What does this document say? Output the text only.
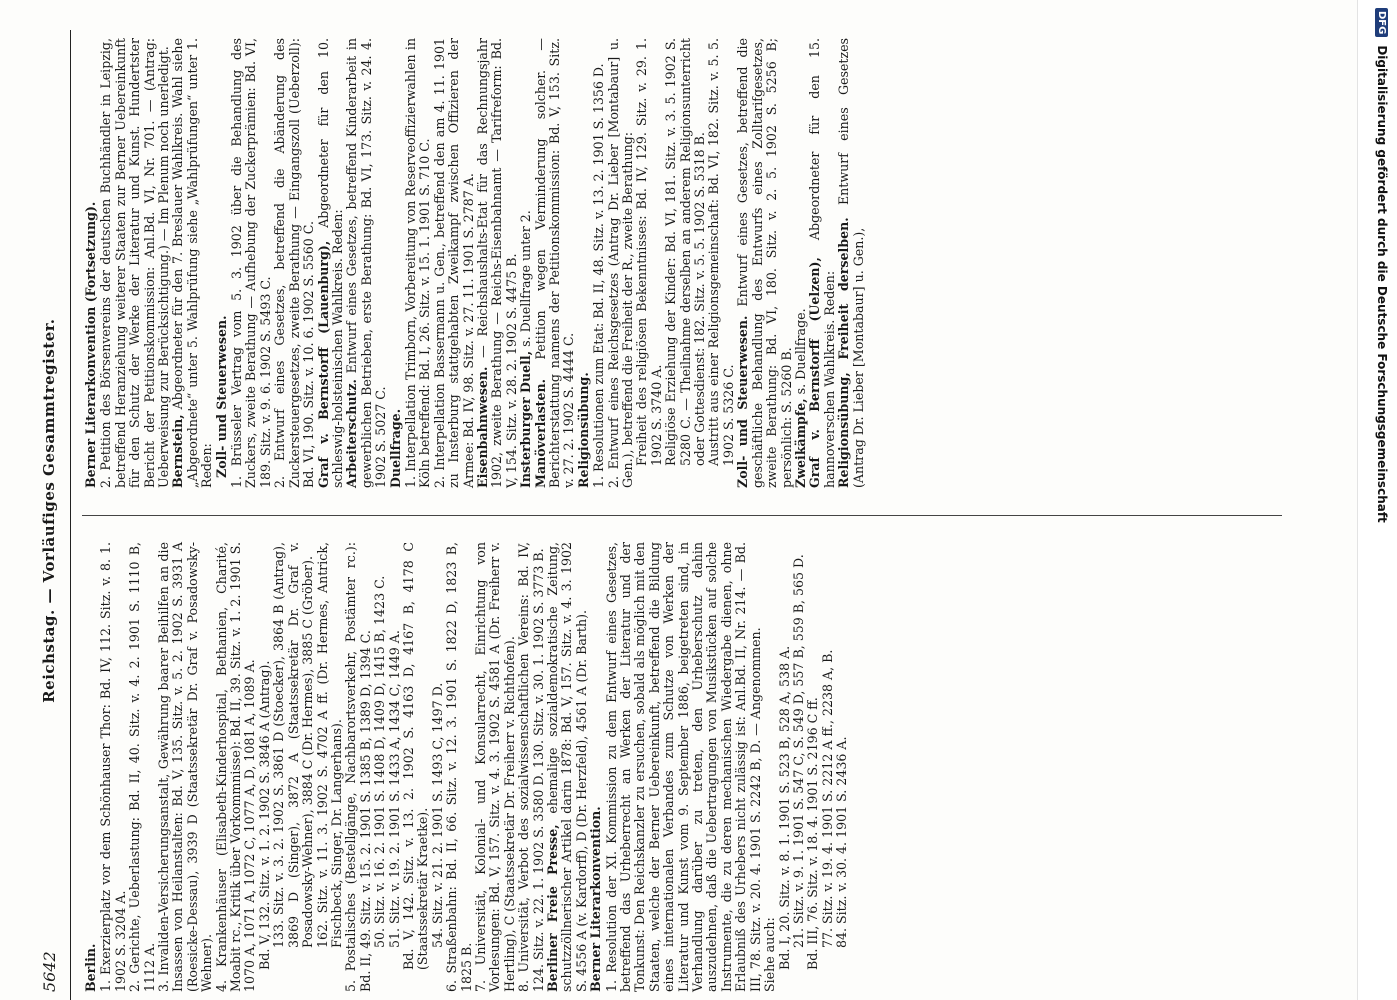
5642
Reichstag. — Vorläufiges Gesammtregister.

Berlin. 1. Exerzierplatz vor dem Schönhauser Thor: Bd. IV, 112. Sitz. v. 8. 1. 1902 S. 3204 A. 2. Gerichte, Ueberlastung: Bd. II, 40. Sitz. v. 4. 2. 1901 S. 1110 B, 1112 A. 3. Invaliden-Versicherungsanstalt, Gewährung baarer Beihilfen an die Insassen von Heilanstalten: Bd. V, 135. Sitz. v. 5. 2. 1902 S. 3931 A (Roesicke-Dessau), 3939 D (Staatssekretär Dr. Graf v. Posadowsky-Wehner). 4. Krankenhäuser (Elisabeth-Kinderhospital, Bethanien, Charité, Moabit rc., Kritik über Vorkommnisse): Bd. II, 39. Sitz. v. 1. 2. 1901 S. 1070 A, 1071 A, 1072 C, 1077 A, D, 1081 A, 1089 A. Bd. V, 132. Sitz. v. 1. 2. 1902 S. 3846 A (Antrag). 133. Sitz. v. 3. 2. 1902 S. 3861 D (Stoecker), 3864 B (Antrag), 3869 D (Singer), 3872 A (Staatssekretär Dr. Graf v. Posadowsky-Wehner), 3884 C (Dr. Hermes), 3885 C (Gröber). 162. Sitz. v. 11. 3. 1902 S. 4702 A ff. (Dr. Hermes, Antrick, Fischbeck, Singer, Dr. Langerhans). 5. Postalisches (Bestellgänge, Nachbarortsverkehr, Postämter rc.): Bd. II, 49. Sitz. v. 15. 2. 1901 S. 1385 B, 1389 D, 1394 C. 50. Sitz. v. 16. 2. 1901 S. 1408 D, 1409 D, 1415 B, 1423 C. 51. Sitz. v. 19. 2. 1901 S. 1433 A, 1434 C, 1449 A. Bd. V, 142. Sitz. v. 13. 2. 1902 S. 4163 D, 4167 B, 4178 C (Staatssekretär Kraetke). 54. Sitz. v. 21. 2. 1901 S. 1493 C, 1497 D. 6. Straßenbahn: Bd. II, 66. Sitz. v. 12. 3. 1901 S. 1822 D, 1823 B, 1825 B. 7. Universität, Kolonial- und Konsularrecht, Einrichtung von Vorlesungen: Bd. V, 157. Sitz. v. 4. 3. 1902 S. 4581 A (Dr. Freiherr v. Hertling), C (Staatssekretär Dr. Freiherr v. Richthofen). 8. Universität, Verbot des sozialwissenschaftlichen Vereins: Bd. IV, 124. Sitz. v. 22. 1. 1902 S. 3580 D. 130. Sitz. v. 30. 1. 1902 S. 3773 B. Berliner Freie Presse, ehemalige sozialdemokratische Zeitung, schutzzöllnerischer Artikel darin 1878: Bd. V, 157. Sitz. v. 4. 3. 1902 S. 4556 A (v. Kardorff), D (Dr. Herzfeld), 4561 A (Dr. Barth). Berner Literarkonvention. 1. Resolution der XI. Kommission zu dem Entwurf eines Gesetzes, betreffend das Urheberrecht an Werken der Literatur und der Tonkunst: Den Reichskanzler zu ersuchen, sobald als möglich mit den Staaten, welche der Berner Uebereinkunft, betreffend die Bildung eines internationalen Verbandes zum Schutze von Werken der Literatur und Kunst vom 9. September 1886, beigetreten sind, in Verhandlung darüber zu treten, den Urheberschutz dahin auszudehnen, daß die Uebertragungen von Musikstücken auf solche Instrumente, die zu deren mechanischen Wiedergabe dienen, ohne Erlaubniß des Urhebers nicht zulässig ist: Anl.Bd. II, Nr. 214. — Bd. III, 78. Sitz. v. 20. 4. 1901 S. 2242 B, D. — Angenommen. Siehe auch: Bd. I, 20. Sitz. v. 8. 1. 1901 S. 523 B, 528 A, 538 A. 21. Sitz. v. 9. 1. 1901 S. 547 C, S. 549 D, 557 B, 559 B, 565 D. Bd. III, 76. Sitz. v. 18. 4. 1901 S. 2196 C ff. 77. Sitz. v. 19. 4. 1901 S. 2212 A ff., 2238 A, B. 84. Sitz. v. 30. 4. 1901 S. 2436 A.

Berner Literarkonvention (Fortsetzung). 2. Petition des Börsenvereins der deutschen Buchhändler in Leipzig, betreffend Heranziehung weiterer Staaten zur Berner Uebereinkunft für den Schutz der Werke der Literatur und Kunst. Hundertster Bericht der Petitionskommission: Anl.Bd. VI, Nr. 701. — (Antrag: Ueberweisung zur Berücksichtigung.) — Im Plenum noch unerledigt. Bernstein, Abgeordneter für den 7. Breslauer Wahlkreis. Wahl siehe „Abgeordnete“ unter 5. Wahlprüfung siehe „Wahlprüfungen“ unter 1. Reden: Zoll- und Steuerwesen. 1. Brüsseler Vertrag vom 5. 3. 1902 über die Behandlung des Zuckers, zweite Berathung — Aufhebung der Zuckerprämien: Bd. VI, 189. Sitz. v. 9. 6. 1902 S. 5493 C. 2. Entwurf eines Gesetzes, betreffend die Abänderung des Zuckersteuergesetzes, zweite Berathung — Eingangszoll (Ueberzoll): Bd. VI, 190. Sitz. v. 10. 6. 1902 S. 5560 C. Graf v. Bernstorff (Lauenburg), Abgeordneter für den 10. schleswig-holsteinischen Wahlkreis. Reden: Arbeiterschutz. Entwurf eines Gesetzes, betreffend Kinderarbeit in gewerblichen Betrieben, erste Berathung: Bd. VI, 173. Sitz. v. 24. 4. 1902 S. 5027 C. Duellfrage. 1. Interpellation Trimborn, Vorbereitung von Reserveoffizierwahlen in Köln betreffend: Bd. I, 26. Sitz. v. 15. 1. 1901 S. 710 C. 2. Interpellation Bassermann u. Gen., betreffend den am 4. 11. 1901 zu Insterburg stattgehabten Zweikampf zwischen Offizieren der Armee: Bd. IV, 98. Sitz. v. 27. 11. 1901 S. 2787 A. Eisenbahnwesen. — Reichshaushalts-Etat für das Rechnungsjahr 1902, zweite Berathung — Reichs-Eisenbahnamt — Tarifreform: Bd. V, 154. Sitz. v. 28. 2. 1902 S. 4475 B. Insterburger Duell, s. Duellfrage unter 2.

Manöverlasten. Petition wegen Verminderung solcher. — Berichterstattung namens der Petitionskommission: Bd. V, 153. Sitz. v. 27. 2. 1902 S. 4444 C. Religionsübung. 1. Resolutionen zum Etat: Bd. II, 48. Sitz. v. 13. 2. 1901 S. 1356 D. 2. Entwurf eines Reichsgesetzes (Antrag Dr. Lieber [Montabaur] u. Gen.), betreffend die Freiheit der R., zweite Berathung: Freiheit des religiösen Bekenntnisses: Bd. IV, 129. Sitz. v. 29. 1. 1902 S. 3740 A. Religiöse Erziehung der Kinder: Bd. VI, 181. Sitz. v. 3. 5. 1902 S. 5280 C. — Theilnahme derselben an anderem Religionsunterricht oder Gottesdienst: 182. Sitz. v. 5. 5. 1902 S. 5318 B. Austritt aus einer Religionsgemeinschaft: Bd. VI, 182. Sitz. v. 5. 5. 1902 S. 5326 C. Zoll- und Steuerwesen. Entwurf eines Gesetzes, betreffend die geschäftliche Behandlung des Entwurfs eines Zolltarifgesetzes, zweite Berathung: Bd. VI, 180. Sitz. v. 2. 5. 1902 S. 5256 B; persönlich: S. 5260 B. Zweikämpfe, s. Duellfrage. Graf v. Bernstorff (Uelzen), Abgeordneter für den 15. hannoverschen Wahlkreis. Reden: Religionsübung, Freiheit derselben. Entwurf eines Gesetzes (Antrag Dr. Lieber [Montabaur] u. Gen.),

DFG
Digitalisierung gefördert durch die Deutsche Forschungsgemeinschaft
